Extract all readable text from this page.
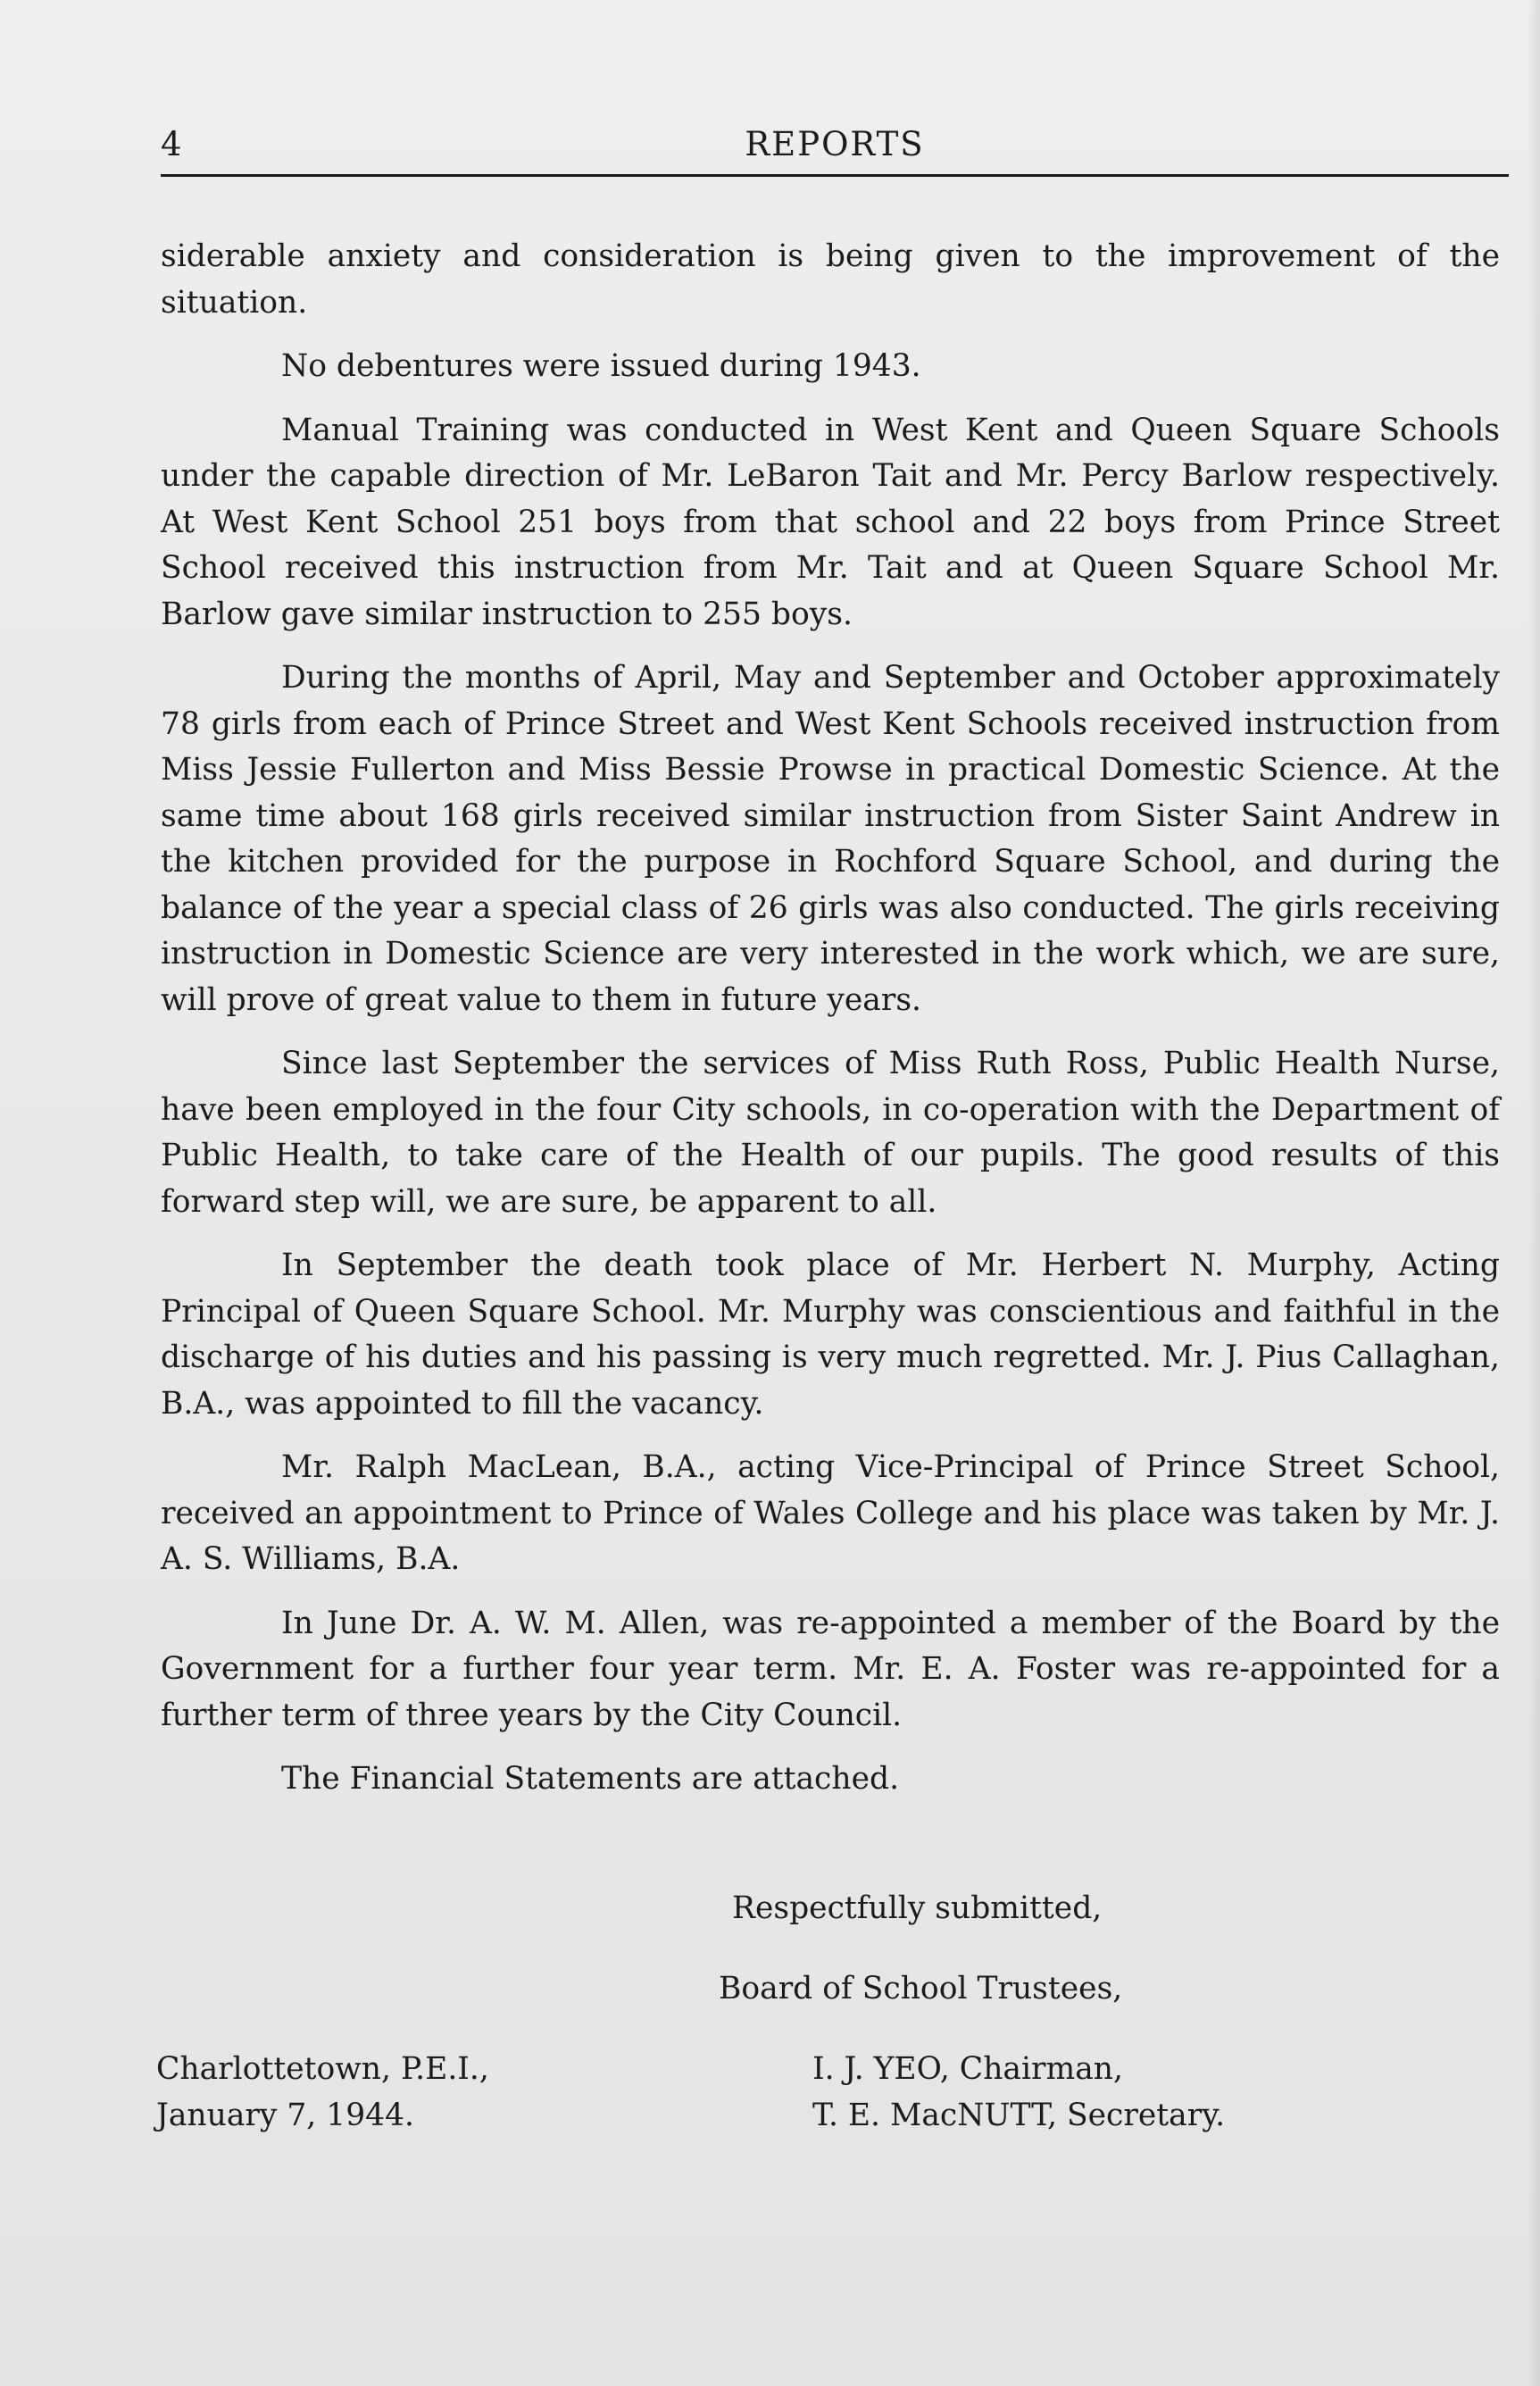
4	REPORTS

siderable anxiety and consideration is being given to the improvement of the situation.

No debentures were issued during 1943.

Manual Training was conducted in West Kent and Queen Square Schools under the capable direction of Mr. LeBaron Tait and Mr. Percy Barlow respectively. At West Kent School 251 boys from that school and 22 boys from Prince Street School received this instruction from Mr. Tait and at Queen Square School Mr. Barlow gave similar instruction to 255 boys.

During the months of April, May and September and October approximately 78 girls from each of Prince Street and West Kent Schools received instruction from Miss Jessie Fullerton and Miss Bessie Prowse in practical Domestic Science. At the same time about 168 girls received similar instruction from Sister Saint Andrew in the kitchen provided for the purpose in Rochford Square School, and during the balance of the year a special class of 26 girls was also conducted. The girls receiving instruction in Domestic Science are very interested in the work which, we are sure, will prove of great value to them in future years.

Since last September the services of Miss Ruth Ross, Public Health Nurse, have been employed in the four City schools, in co-operation with the Department of Public Health, to take care of the Health of our pupils. The good results of this forward step will, we are sure, be apparent to all.

In September the death took place of Mr. Herbert N. Murphy, Acting Principal of Queen Square School. Mr. Murphy was conscientious and faithful in the discharge of his duties and his passing is very much regretted. Mr. J. Pius Callaghan, B.A., was appointed to fill the vacancy.

Mr. Ralph MacLean, B.A., acting Vice-Principal of Prince Street School, received an appointment to Prince of Wales College and his place was taken by Mr. J. A. S. Williams, B.A.

In June Dr. A. W. M. Allen, was re-appointed a member of the Board by the Government for a further four year term. Mr. E. A. Foster was re-appointed for a further term of three years by the City Council.

The Financial Statements are attached.

Respectfully submitted,
Board of School Trustees,
Charlottetown, P.E.I.,
January 7, 1944.
I. J. YEO, Chairman,
T. E. MacNUTT, Secretary.
